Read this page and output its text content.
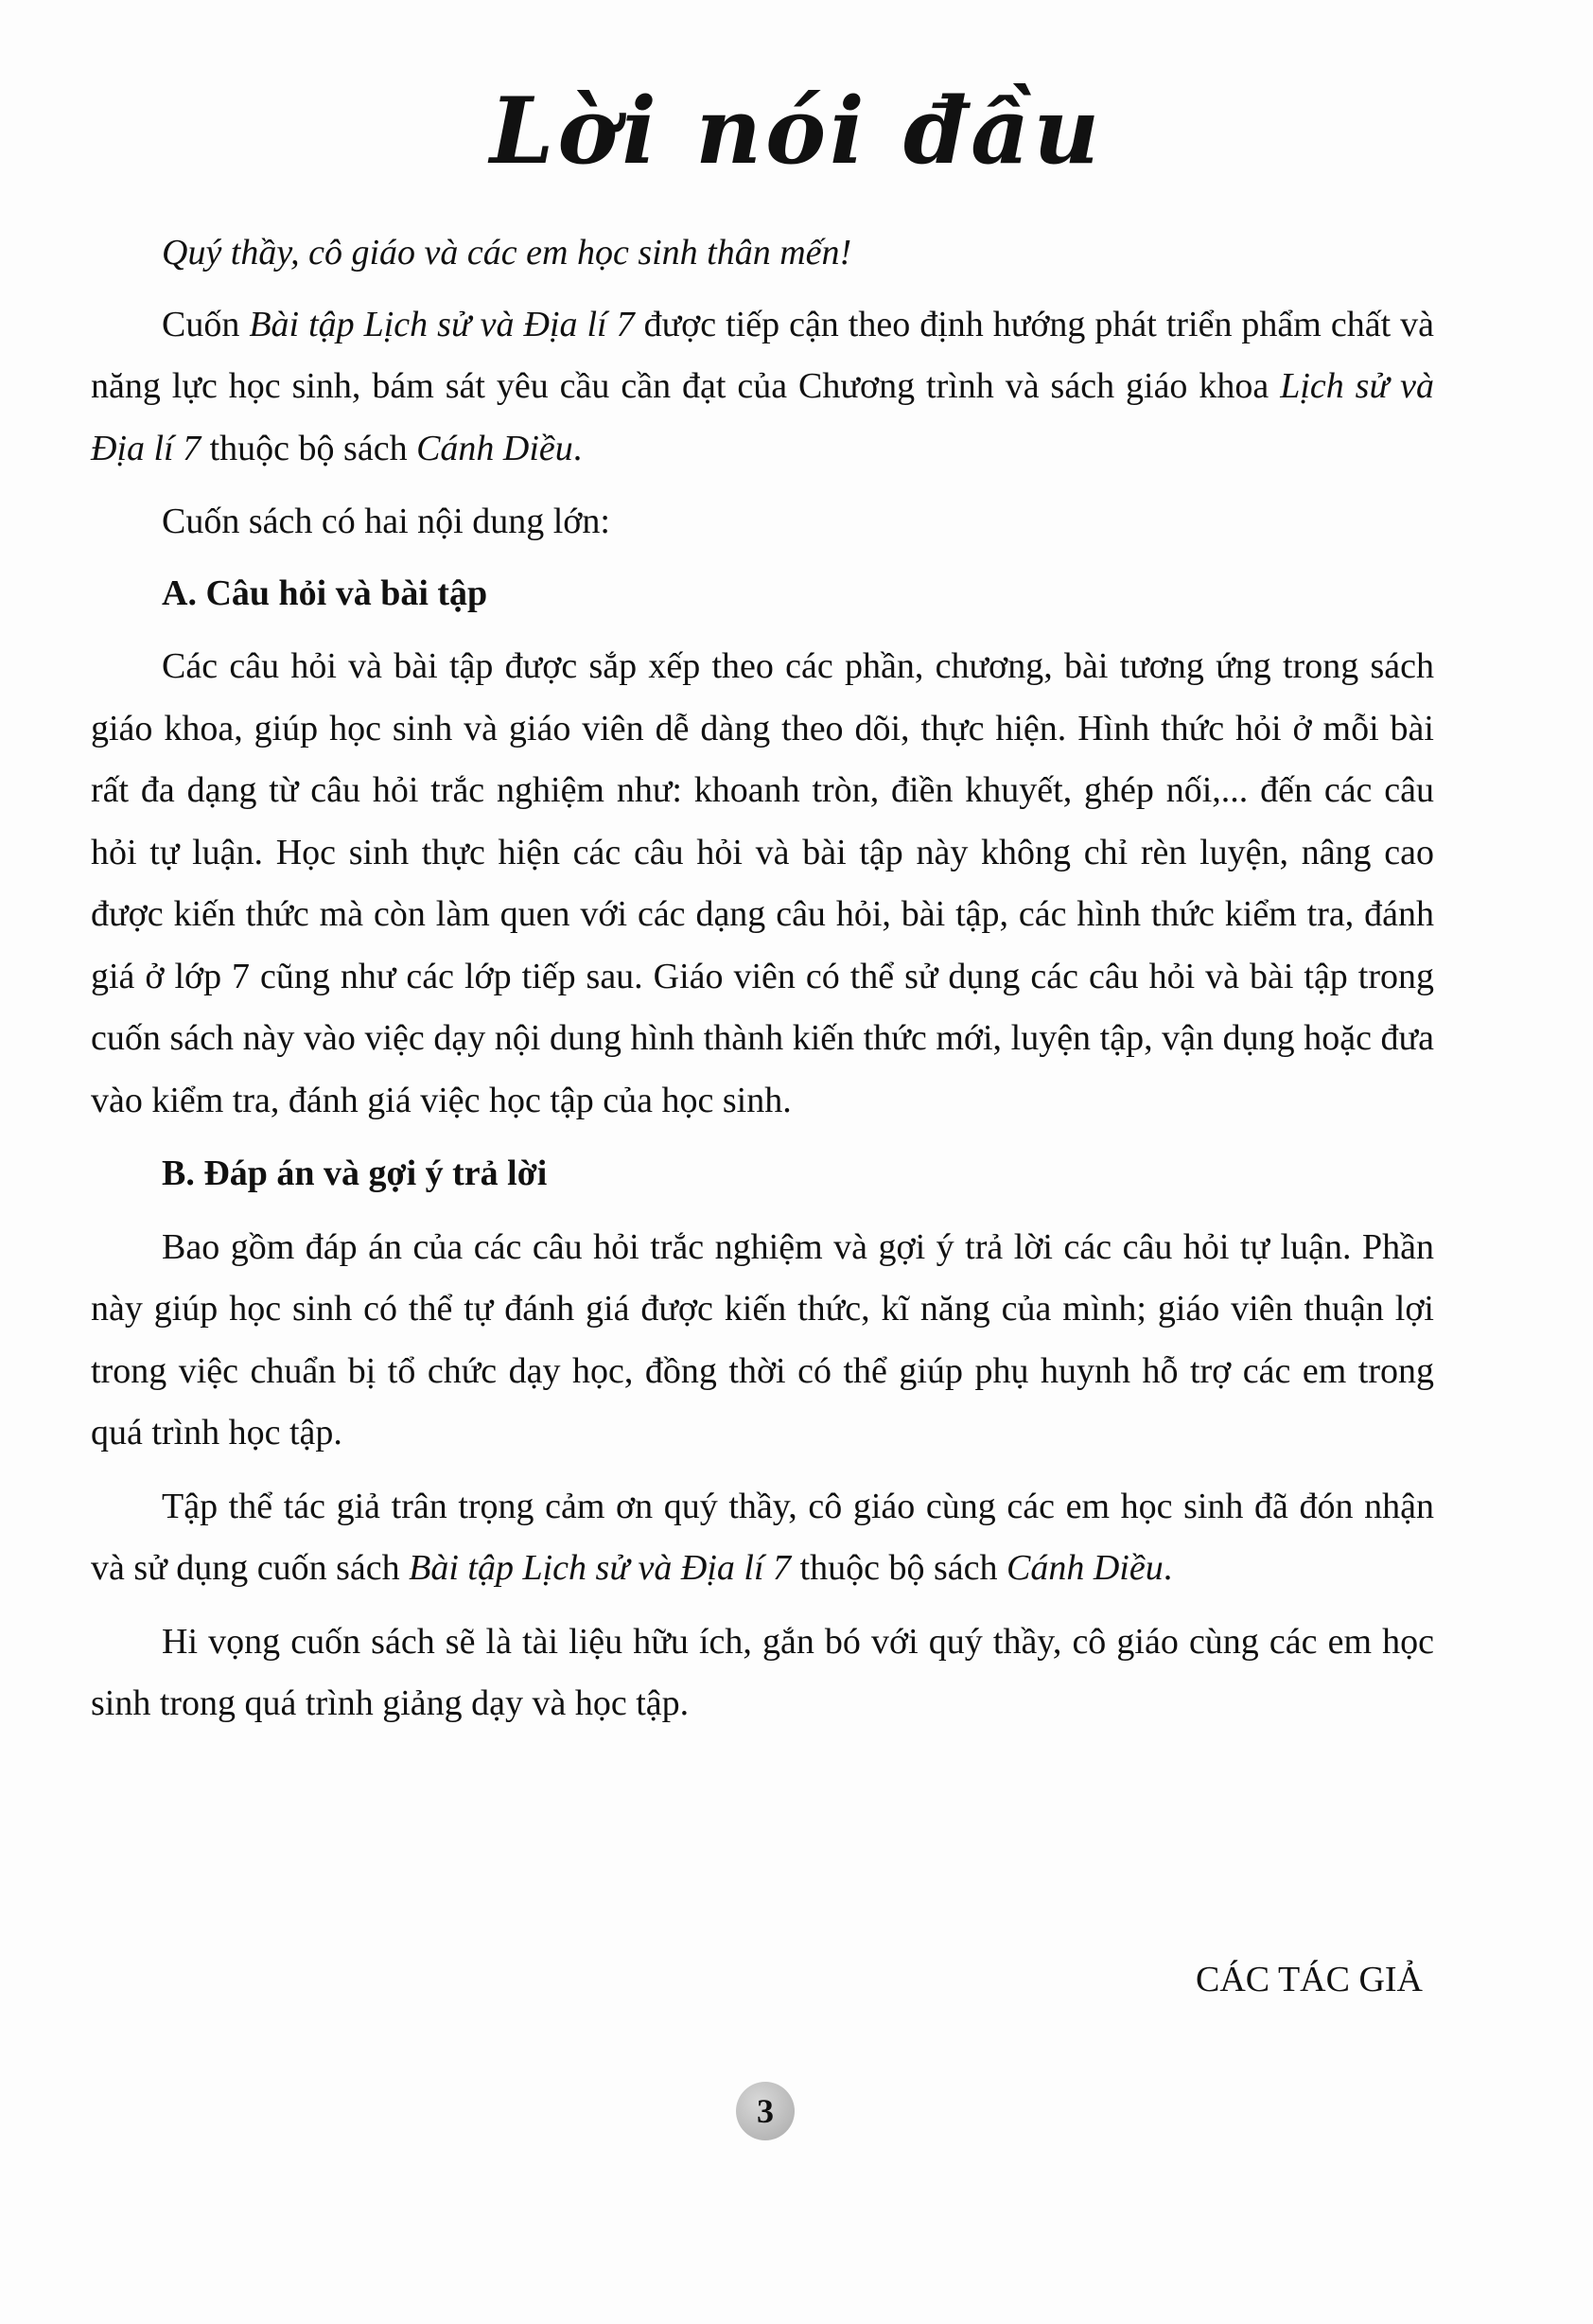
Lời nói đầu

Quý thầy, cô giáo và các em học sinh thân mến!

Cuốn Bài tập Lịch sử và Địa lí 7 được tiếp cận theo định hướng phát triển phẩm chất và năng lực học sinh, bám sát yêu cầu cần đạt của Chương trình và sách giáo khoa Lịch sử và Địa lí 7 thuộc bộ sách Cánh Diều.

Cuốn sách có hai nội dung lớn:

A. Câu hỏi và bài tập

Các câu hỏi và bài tập được sắp xếp theo các phần, chương, bài tương ứng trong sách giáo khoa, giúp học sinh và giáo viên dễ dàng theo dõi, thực hiện. Hình thức hỏi ở mỗi bài rất đa dạng từ câu hỏi trắc nghiệm như: khoanh tròn, điền khuyết, ghép nối,... đến các câu hỏi tự luận. Học sinh thực hiện các câu hỏi và bài tập này không chỉ rèn luyện, nâng cao được kiến thức mà còn làm quen với các dạng câu hỏi, bài tập, các hình thức kiểm tra, đánh giá ở lớp 7 cũng như các lớp tiếp sau. Giáo viên có thể sử dụng các câu hỏi và bài tập trong cuốn sách này vào việc dạy nội dung hình thành kiến thức mới, luyện tập, vận dụng hoặc đưa vào kiểm tra, đánh giá việc học tập của học sinh.

B. Đáp án và gợi ý trả lời

Bao gồm đáp án của các câu hỏi trắc nghiệm và gợi ý trả lời các câu hỏi tự luận. Phần này giúp học sinh có thể tự đánh giá được kiến thức, kĩ năng của mình; giáo viên thuận lợi trong việc chuẩn bị tổ chức dạy học, đồng thời có thể giúp phụ huynh hỗ trợ các em trong quá trình học tập.

Tập thể tác giả trân trọng cảm ơn quý thầy, cô giáo cùng các em học sinh đã đón nhận và sử dụng cuốn sách Bài tập Lịch sử và Địa lí 7 thuộc bộ sách Cánh Diều.

Hi vọng cuốn sách sẽ là tài liệu hữu ích, gắn bó với quý thầy, cô giáo cùng các em học sinh trong quá trình giảng dạy và học tập.

CÁC TÁC GIẢ
3
